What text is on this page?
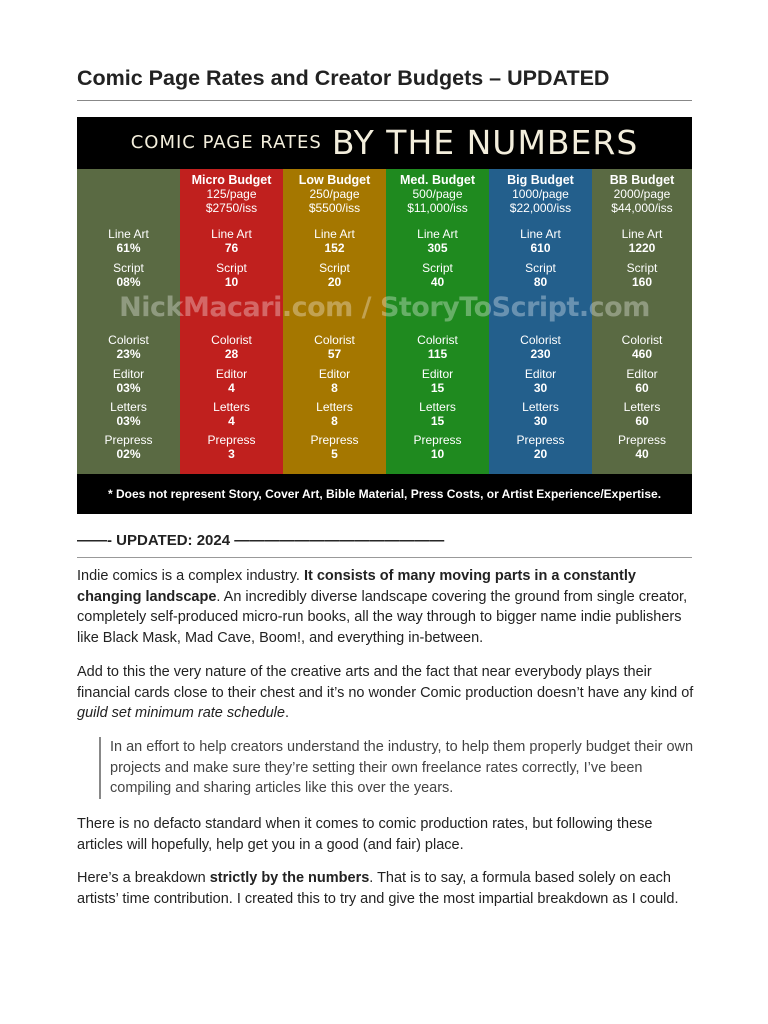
Comic Page Rates and Creator Budgets – UPDATED
COMIC PAGE RATES BY THE NUMBERS
Line Art
61%
Script
08%
Colorist
23%
Editor
03%
Letters
03%
Prepress
02%
Micro Budget
125/page
$2750/iss
Line Art
76
Script
10
Colorist
28
Editor
4
Letters
4
Prepress
3
Low Budget
250/page
$5500/iss
Line Art
152
Script
20
Colorist
57
Editor
8
Letters
8
Prepress
5
Med. Budget
500/page
$11,000/iss
Line Art
305
Script
40
Colorist
115
Editor
15
Letters
15
Prepress
10
Big Budget
1000/page
$22,000/iss
Line Art
610
Script
80
Colorist
230
Editor
30
Letters
30
Prepress
20
BB Budget
2000/page
$44,000/iss
Line Art
1220
Script
160
Colorist
460
Editor
60
Letters
60
Prepress
40
NickMacari.com / StoryToScript.com
* Does not represent Story, Cover Art, Bible Material, Press Costs, or Artist Experience/Expertise.
——- UPDATED: 2024 ——————————————

Indie comics is a complex industry. It consists of many moving parts in a constantly changing landscape. An incredibly diverse landscape covering the ground from single creator, completely self-produced micro-run books, all the way through to bigger name indie publishers like Black Mask, Mad Cave, Boom!, and everything in-between.

Add to this the very nature of the creative arts and the fact that near everybody plays their financial cards close to their chest and it’s no wonder Comic production doesn’t have any kind of guild set minimum rate schedule.

In an effort to help creators understand the industry, to help them properly budget their own projects and make sure they’re setting their own freelance rates correctly, I’ve been compiling and sharing articles like this over the years.

There is no defacto standard when it comes to comic production rates, but following these articles will hopefully, help get you in a good (and fair) place.

Here’s a breakdown strictly by the numbers. That is to say, a formula based solely on each artists’ time contribution. I created this to try and give the most impartial breakdown as I could.
